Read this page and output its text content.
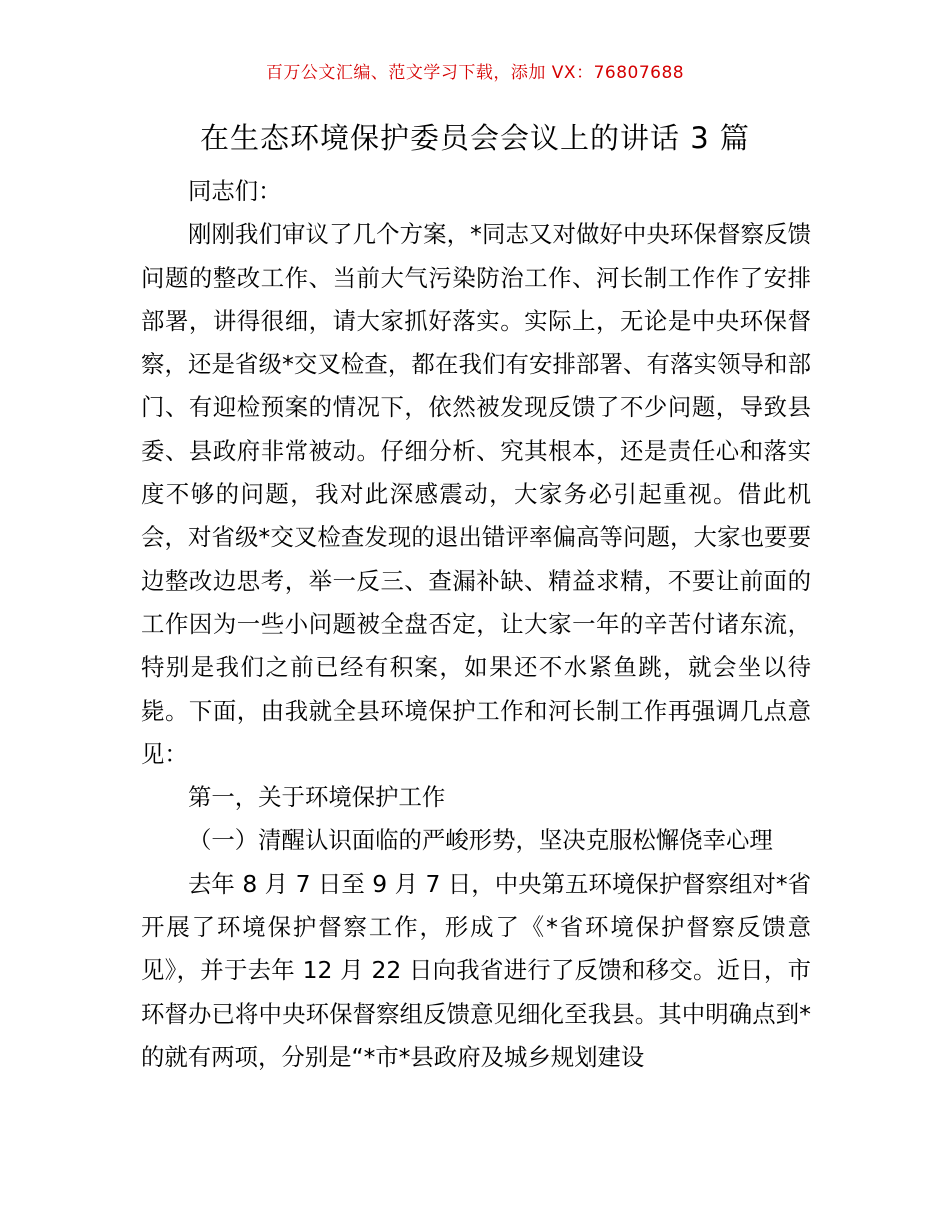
百万公文汇编、范文学习下载，添加 VX：76807688
在生态环境保护委员会会议上的讲话 3 篇

同志们：

刚刚我们审议了几个方案，*同志又对做好中央环保督察反馈问题的整改工作、当前大气污染防治工作、河长制工作作了安排部署，讲得很细，请大家抓好落实。实际上，无论是中央环保督察，还是省级*交叉检查，都在我们有安排部署、有落实领导和部门、有迎检预案的情况下，依然被发现反馈了不少问题，导致县委、县政府非常被动。仔细分析、究其根本，还是责任心和落实度不够的问题，我对此深感震动，大家务必引起重视。借此机会，对省级*交叉检查发现的退出错评率偏高等问题，大家也要要边整改边思考，举一反三、查漏补缺、精益求精，不要让前面的工作因为一些小问题被全盘否定，让大家一年的辛苦付诸东流，特别是我们之前已经有积案，如果还不水紧鱼跳，就会坐以待毙。下面，由我就全县环境保护工作和河长制工作再强调几点意见：

第一，关于环境保护工作

（一）清醒认识面临的严峻形势，坚决克服松懈侥幸心理

去年 8 月 7 日至 9 月 7 日，中央第五环境保护督察组对*省开展了环境保护督察工作，形成了《*省环境保护督察反馈意见》，并于去年 12 月 22 日向我省进行了反馈和移交。近日，市环督办已将中央环保督察组反馈意见细化至我县。其中明确点到*的就有两项，分别是“*市*县政府及城乡规划建设
